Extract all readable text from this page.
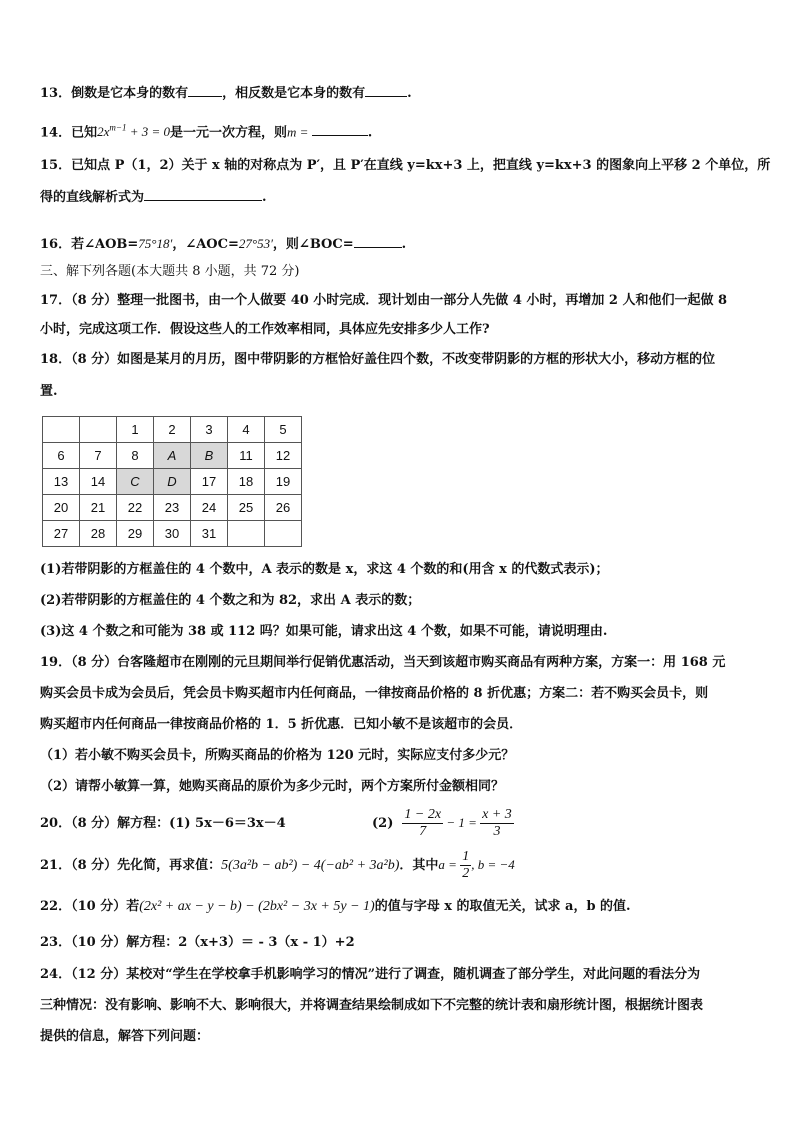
13．倒数是它本身的数有	，相反数是它本身的数有	.
14．已知$2x^{m-1} + 3 = 0$是一元一次方程，则m =	.
15．已知点 P（1，2）关于 x 轴的对称点为 P′，且 P′在直线 y=kx+3 上，把直线 y=kx+3 的图象向上平移 2 个单位，所
得的直线解析式为	.
16．若∠AOB=75°18′，∠AOC=27°53′，则∠BOC=	.
三、解下列各题(本大题共 8 小题，共 72 分)
17．（8 分）整理一批图书，由一个人做要 40 小时完成．现计划由一部分人先做 4 小时，再增加 2 人和他们一起做 8
小时，完成这项工作．假设这些人的工作效率相同，具体应先安排多少人工作?
18．（8 分）如图是某月的月历，图中带阴影的方框恰好盖住四个数，不改变带阴影的方框的形状大小，移动方框的位
置.
		1	2	3	4	5
6	7	8	A	B	11	12
13	14	C	D	17	18	19
20	21	22	23	24	25	26
27	28	29	30	31		
(1)若带阴影的方框盖住的 4 个数中，A 表示的数是 x，求这 4 个数的和(用含 x 的代数式表示)；
(2)若带阴影的方框盖住的 4 个数之和为 82，求出 A 表示的数；
(3)这 4 个数之和可能为 38 或 112 吗？如果可能，请求出这 4 个数，如果不可能，请说明理由.
19．（8 分）台客隆超市在刚刚的元旦期间举行促销优惠活动，当天到该超市购买商品有两种方案，方案一：用 168 元
购买会员卡成为会员后，凭会员卡购买超市内任何商品，一律按商品价格的 8 折优惠；方案二：若不购买会员卡，则
购买超市内任何商品一律按商品价格的 1．5 折优惠．已知小敏不是该超市的会员．
（1）若小敏不购买会员卡，所购买商品的价格为 120 元时，实际应支付多少元？
（2）请帮小敏算一算，她购买商品的原价为多少元时，两个方案所付金额相同？
20．（8 分）解方程：(1) 5x－6＝3x－4	$(2) \frac{1 - 2x}{7} - 1 = \frac{x + 3}{3}$
21．（8 分）先化简，再求值：5(3a²b − ab²) − 4(−ab² + 3a²b)．其中$a = \frac{1}{2}$ , b = −4
22．（10 分）若(2x² + ax − y − b) − (2bx² − 3x + 5y − 1)的值与字母 x 的取值无关，试求 a，b 的值.
23．（10 分）解方程：2（x+3）＝ - 3（x - 1）+2
24．（12 分）某校对“学生在学校拿手机影响学习的情况”进行了调查，随机调查了部分学生，对此问题的看法分为
三种情况：没有影响、影响不大、影响很大，并将调查结果绘制成如下不完整的统计表和扇形统计图，根据统计图表
提供的信息，解答下列问题：
